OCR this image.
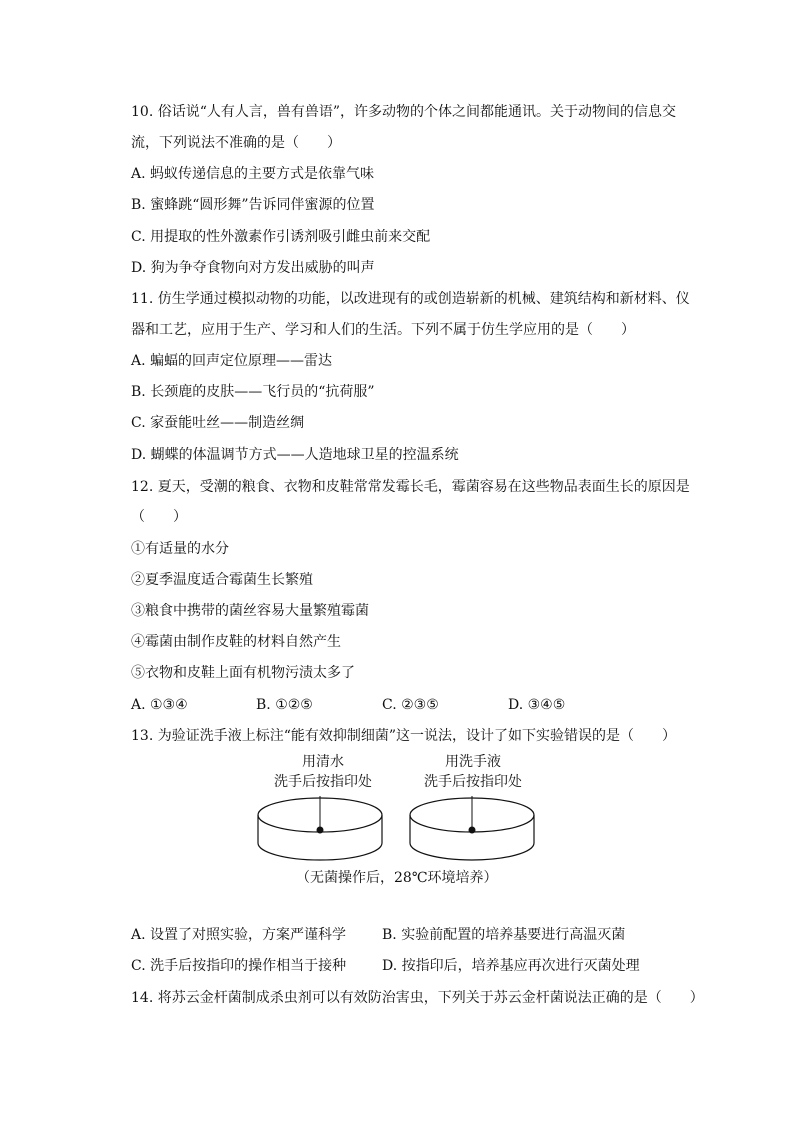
10. 俗话说“人有人言，兽有兽语”，许多动物的个体之间都能通讯。关于动物间的信息交
流，下列说法不准确的是（　　）
A. 蚂蚁传递信息的主要方式是依靠气味
B. 蜜蜂跳“圆形舞”告诉同伴蜜源的位置
C. 用提取的性外激素作引诱剂吸引雌虫前来交配
D. 狗为争夺食物向对方发出威胁的叫声
11. 仿生学通过模拟动物的功能，以改进现有的或创造崭新的机械、建筑结构和新材料、仪
器和工艺，应用于生产、学习和人们的生活。下列不属于仿生学应用的是（　　）
A. 蝙蝠的回声定位原理——雷达
B. 长颈鹿的皮肤——飞行员的“抗荷服”
C. 家蚕能吐丝——制造丝绸
D. 蝴蝶的体温调节方式——人造地球卫星的控温系统
12. 夏天，受潮的粮食、衣物和皮鞋常常发霉长毛，霉菌容易在这些物品表面生长的原因是
（　　）
①有适量的水分
②夏季温度适合霉菌生长繁殖
③粮食中携带的菌丝容易大量繁殖霉菌
④霉菌由制作皮鞋的材料自然产生
⑤衣物和皮鞋上面有机物污渍太多了
A. ①③④	B. ①②⑤	C. ②③⑤	D. ③④⑤
13. 为验证洗手液上标注“能有效抑制细菌”这一说法，设计了如下实验错误的是（　　）
用清水
洗手后按指印处
用洗手液
洗手后按指印处
（无菌操作后，28℃环境培养）
A. 设置了对照实验，方案严谨科学	B. 实验前配置的培养基要进行高温灭菌
C. 洗手后按指印的操作相当于接种	D. 按指印后，培养基应再次进行灭菌处理
14. 将苏云金杆菌制成杀虫剂可以有效防治害虫，下列关于苏云金杆菌说法正确的是（　　）
